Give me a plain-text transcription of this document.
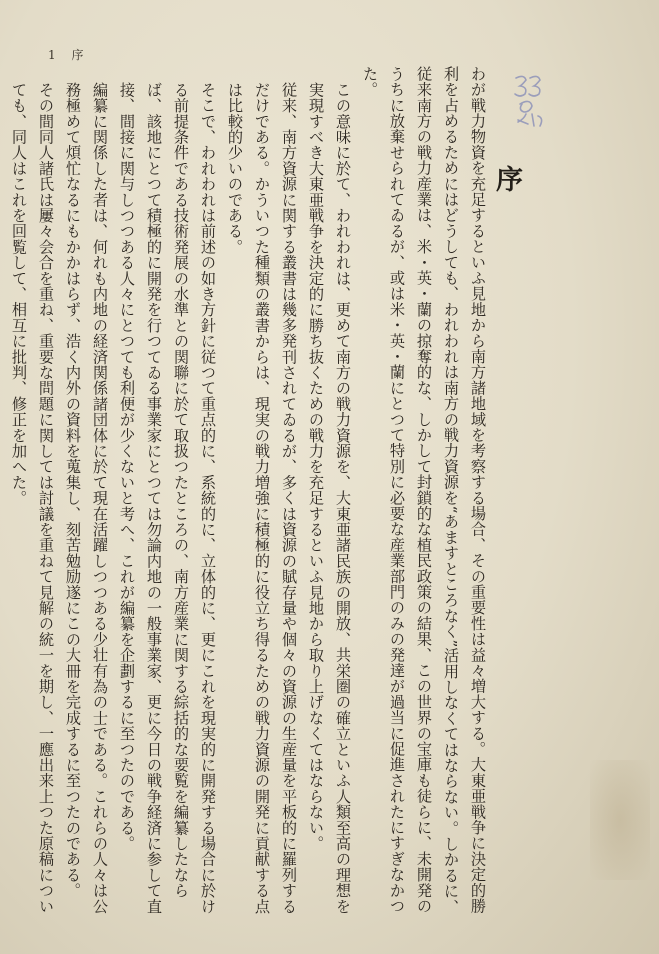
1 序
序

わが戦力物資を充足するといふ見地から南方諸地域を考察する場合、その重要性は益々増大する。大東亜戦争に決定的勝利を占めるためにはどうしても、われわれは南方の戦力資源を“あますところなく”活用しなくてはならない。しかるに、従来南方の戦力産業は、米・英・蘭の掠奪的な、しかして封鎖的な植民政策の結果、この世界の宝庫も徒らに、未開発のうちに放棄せられてゐるが、或は米・英・蘭にとつて特別に必要な産業部門のみの発達が過当に促進されたにすぎなかつた。

この意味に於て、われわれは、更めて南方の戦力資源を、大東亜諸民族の開放、共栄圏の確立といふ人類至高の理想を実現すべき大東亜戦争を決定的に勝ち抜くための戦力を充足するといふ見地から取り上げなくてはならない。

従来、南方資源に関する叢書は幾多発刊されてゐるが、多くは資源の賦存量や個々の資源の生産量を平板的に羅列するだけである。かういつた種類の叢書からは、現実の戦力増強に積極的に役立ち得るための戦力資源の開発に貢献する点は比較的少いのである。

そこで、われわれは前述の如き方針に従つて重点的に、系統的に、立体的に、更にこれを現実的に開発する場合に於ける前提条件である技術発展の水準との関聯に於て取扱つたところの、南方産業に関する綜括的な要覧を編纂したならば、該地にとつて積極的に開発を行つてゐる事業家にとつては勿論内地の一般事業家、更に今日の戦争経済に参して直接、間接に関与しつつある人々にとつても利便が少くないと考へ、これが編纂を企劃するに至つたのである。

編纂に関係した者は、何れも内地の経済関係諸団体に於て現在活躍しつつある少壮有為の士である。これらの人々は公務極めて煩忙なるにもかかはらず、浩く内外の資料を蒐集し、刻苦勉励遂にこの大冊を完成するに至つたのである。

その間同人諸氏は屢々会合を重ね、重要な問題に関しては討議を重ねて見解の統一を期し、一應出来上つた原稿についても、同人はこれを回覧して、相互に批判、修正を加へた。
